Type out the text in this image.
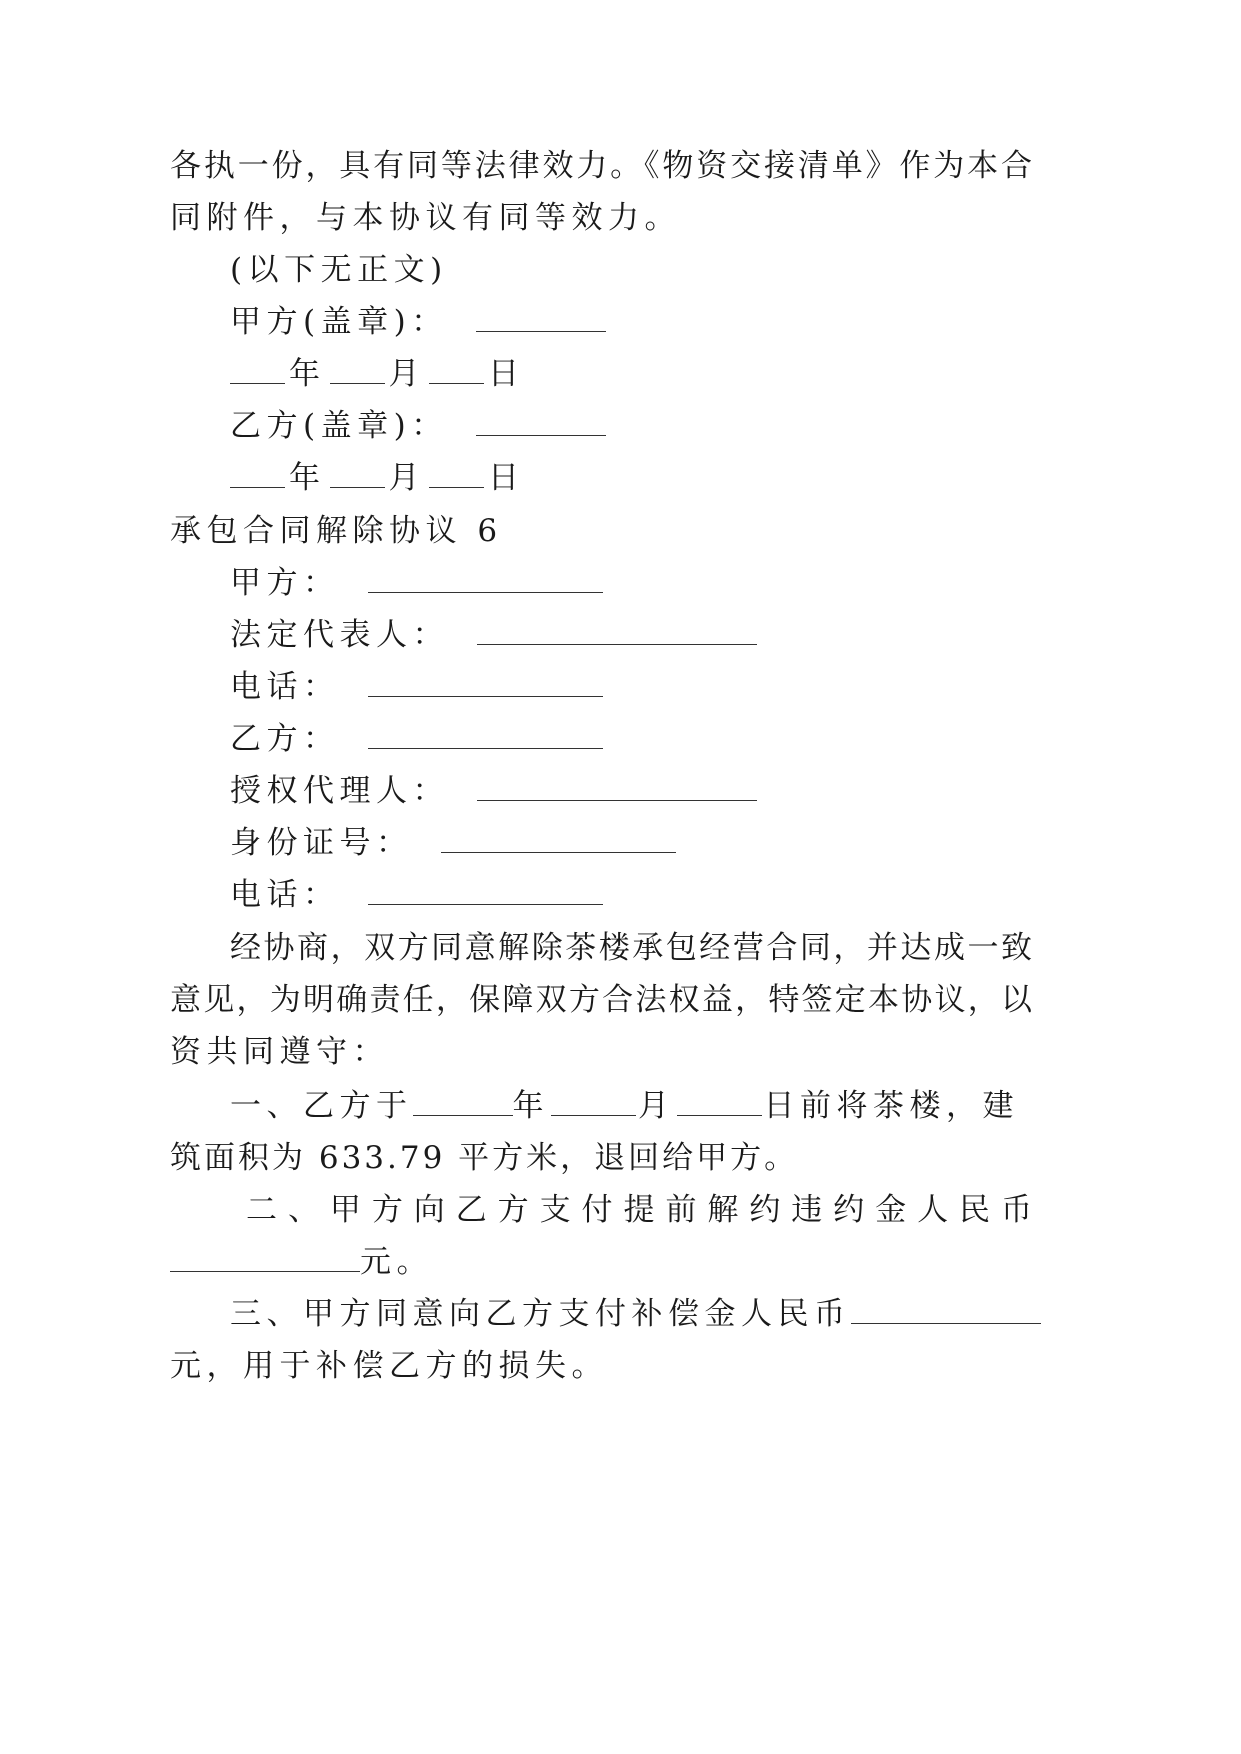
各执一份，具有同等法律效力。《物资交接清单》作为本合
同附件，与本协议有同等效力。
(以下无正文)
甲方(盖章)：
年 月 日
乙方(盖章)：
年 月 日
承包合同解除协议 6
甲方：
法定代表人：
电话：
乙方：
授权代理人：
身份证号：
电话：
经协商，双方同意解除茶楼承包经营合同，并达成一致
意见，为明确责任，保障双方合法权益，特签定本协议，以
资共同遵守：
一、乙方于	年	月	日前将茶楼，建
筑面积为 633.79 平方米，退回给甲方。
二、甲方向乙方支付提前解约违约金人民币
元。
三、甲方同意向乙方支付补偿金人民币
元，用于补偿乙方的损失。
